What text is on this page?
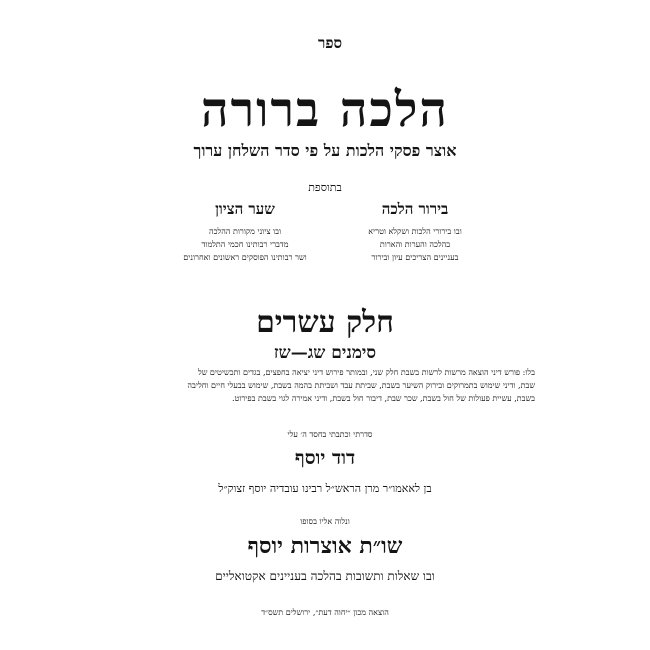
ספר
הלכה ברורה
אוצר פסקי הלכות על פי סדר השלחן ערוך
בתוספת
בירור הלכה
ובו בירורי הלכות ושקלא וטריא
בהלכה והערות והארות
בעניינים הצריכים עיון ובירור
שער הציון
ובו ציוני מקורות ההלכה
מדברי רבותינו חכמי התלמוד
ושר רבותינו הפוסקים ראשונים ואחרונים
חלק עשרים
סימנים שג—שז
בלו: פורש דיני הוצאה מרשות לרשות בשבת חלק שני, ובמותר פירוש דיני יציאה בחפצים, בגדים ותכשיטים של
שבת, ודיני שימוש בתמרוקים ובירוק השיער בשבת, שביתת עבד ושביתת בהמה בשבת, שימוש בבעלי חיים וחליבה
בשבת, עשיית פעולות של חול בשבת, שכר שבת, דיבור חול בשבת, ודיני אמירה לגוי בשבת בפירוט.
סדרתי וכתבתי בחסד ה׳ עלי
דוד יוסף
בן לאאמו״ר מרן הראש״ל רבינו עובדיה יוסף זצוק״ל
ונלוה אליו בסופו
שו״ת אוצרות יוסף
ובו שאלות ותשובות בהלכה בעניינים אקטואליים
הוצאה מכון ״יחוה דעת״, ירושלים תשס״ד
